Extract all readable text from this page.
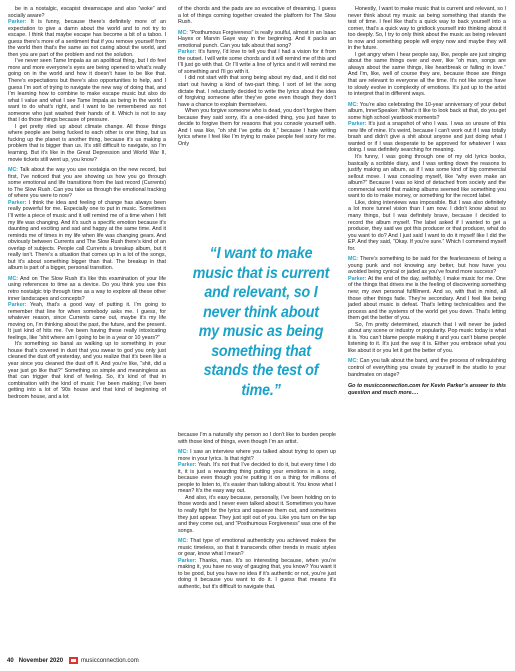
be in a nostalgic, escapist dreamscape and also “woke” and socially aware?

Parker: It is funny, because there’s definitely more of an expectation to give a damn about the world and to not try to escape. I think that maybe escape has become a bit of a taboo. I guess there’s more of a sentiment that if you remove yourself from the world then that’s the same as not caring about the world, and then you are part of the problem and not the solution.

I’ve never seen Tame Impala as an apolitical thing, but I do feel more and more everyone’s eyes are being opened to what’s really going on in the world and how it doesn’t have to be like that. There’s expectations but there’s also opportunities to help, and I guess I’m sort of trying to navigate the new way of doing that, and I’m learning how to combine to make escape music but also do what I value and what I see Tame Impala as being in the world. I want to do what’s right, and I want to be remembered as not someone who just washed their hands of it. Which is not to say that I do those things because of pressure.

I get pretty riled up about climate change. All those things where people are being fucked to each other is one thing, but us fucking up the planet is another thing, because it’s us making a problem that is bigger than us. It’s still difficult to navigate, so I’m learning. But it’s like in the Great Depression and World War II, movie tickets still went up, you know?

MC: Talk about the way you use nostalgia on the new record, but first, I’ve noticed that you are showing us how you go through some emotional and life transitions from the last record (Currents) to The Slow Rush. Can you take us through the emotional tracking of where you were to now?

Parker: I think the idea and feeling of change has always been really powerful for me. Especially one to put in music. Sometimes I’ll write a piece of music and it will remind me of a time when I felt my life was changing. And it’s such a specific emotion because it’s daunting and exciting and sad and happy at the same time. And it reminds me of times in my life when life was changing gears. And obviously between Currents and The Slow Rush there’s kind of an overlap of subjects. People call Currents a breakup album, but it really isn’t. There’s a situation that comes up in a lot of the songs, but it’s about something bigger than that. The breakup in that album is part of a bigger, personal transition.

MC: And on The Slow Rush it’s like this examination of your life using references to time as a device. Do you think you use this retro nostalgic trip through time as a way to explore all these other inner landscapes and concepts?

Parker: Yeah, that’s a good way of putting it. I’m going to remember that line for when somebody asks me. I guess, for whatever reason, since Currents came out, maybe it’s my life moving on, I’m thinking about the past, the future, and the present. It just kind of hits me. I’ve been having these really intoxicating feelings, like “shit where am I going to be in a year or 10 years?”

It’s something so banal as walking up to something in your house that’s covered in dust that you swear to god you only just cleaned the dust off yesterday, and you realize that it’s been like a year since you cleaned the dust off it. And you’re like, “shit, did a year just go like that?” Something so simple and meaningless as that can trigger that kind of feeling. So, it’s kind of that in combination with the kind of music I’ve been making; I’ve been getting into a lot of ’90s house and that kind of beginning of bedroom house, and a lot

of the chords and the pads are so evocative of dreaming. I guess a lot of things coming together created the platform for The Slow Rush.

MC: “Posthumous Forgiveness” is really soulful, almost in an Isaac Hayes or Marvin Gaye way in the beginning. And it packs an emotional punch. Can you talk about that song?

Parker: It’s funny, I’d love to tell you that I had a vision for it from the outset. I will write some chords and it will remind me of this and I’ll just go with that. Or I’ll write a line of lyrics and it will remind me of something and I’ll go with it.

I did not start with that song being about my dad, and it did not start out having a kind of two-part thing. I sort of let the song dictate that. I reluctantly decided to write the lyrics about the idea of forgiving someone after they’ve gone even though they don’t have a chance to explain themselves.

When you forgive someone who is dead, you don’t forgive them because they said sorry, it’s a one-sided thing, you just have to decide to forgive them for reasons that you console yourself with. And I was like, “oh shit I’ve gotta do it,” because I hate writing lyrics where I feel like I’m trying to make people feel sorry for me. Only

because I’m a naturally shy person so I don’t like to burden people with those kind of things, even though I’m an artist.

MC: I saw an interview where you talked about trying to open up more in your lyrics. Is that right?

Parker: Yeah. It’s not that I’ve decided to do it, but every time I do it, it is just a rewarding thing putting your emotions in a song, because even though you’re putting it on a thing for millions of people to listen to, it’s easier than talking about it. You know what I mean? It’s the easy way out.

And also, it’s easy because, personally, I’ve been holding on to those words and I never even talked about it. Sometimes you have to really fight for the lyrics and squeeze them out, and sometimes they just appear. They just spit out of you. Like you turn on the tap and they come out, and “Posthumous Forgiveness” was one of the songs.

MC: That type of emotional authenticity you achieved makes the music timeless, so that it transcends other trends in music styles or gear, know what I mean?

Parker: Thanks, man. It’s so interesting because, when you’re making it, you have no way of gauging that, you know? You want it to be good, but you have no idea if it’s authentic or not, you’re just doing it because you want to do it. I guess that means it’s authentic, but it’s difficult to navigate that.

“I want to make music that is current and relevant, so I never think about my music as being something that stands the test of time.”

Honestly, I want to make music that is current and relevant, so I never think about my music as being something that stands the test of time. I feel like that’s a quick way to back yourself into a corner, that’s a quick way to gridlock yourself into thinking about it too deeply. So, I try to only think about the music as being relevant to now and something people will enjoy now and maybe they will in the future.

I get angry when I hear people say, like, people are just singing about the same things over and over, like “oh man, songs are always about the same things, like heartbreak or falling in love.” And I’m, like, well of course they are, because those are things that are relevant to everyone all the time. It’s not like songs have to slowly evolve in complexity of emotions. It’s just up to the artist to interpret that in different ways.

MC: You’re also celebrating the 10-year anniversary of your debut album, InnerSpeaker. What’s it like to look back at that, do you get some high school yearbook moments?

Parker: It’s just a snapshot of who I was. I was so unsure of this new life of mine. It’s weird, because I can’t work out if I was totally brash and didn’t give a shit about anyone and just doing what I wanted or if I was desperate to be approved for whatever I was doing. I was definitely searching for meaning.

It’s funny, I was going through one of my old lyrics books, basically a scribble diary, and I was writing down the reasons to justify making an album, as if I was some kind of big commercial sellout move. I was consoling myself, like “why even make an album?” Because I was so kind of detached from society and the commercial world that making albums seemed like something you want to do to make money, or something for the record label.

Like, doing interviews was impossible. But I was also definitely a lot more tunnel vision than I am now. I didn’t know about so many things, but I was definitely brave, because I decided to record the album myself. The label asked if I wanted to get a producer, they said we got this producer or that producer, what do you want to do? And I just said I want to do it myself like I did the EP. And they said, “Okay. If you’re sure.” Which I commend myself for.

MC: There’s something to be said for the fearlessness of being a young punk and not knowing any better, but how have you avoided being cynical or jaded as you’ve found more success?

Parker: At the end of the day, selfishly, I make music for me. One of the things that drives me is the feeling of discovering something new; my own personal fulfillment. And so, with that in mind, all those other things fade. They’re secondary. And I feel like being jaded about music is defeat. That’s letting technicalities and the process and the systems of the world get you down. That’s letting them get the better of you.

So, I’m pretty determined, staunch that I will never be jaded about any scene or industry or popularity. Pop music today is what it is. You can’t blame people making it and you can’t blame people listening to it. It’s just the way it is. Either you embrace what you like about it or you let it get the better of you.

MC: Can you talk about the band, and the process of relinquishing control of everything you create by yourself in the studio to your bandmates on stage?

Go to musicconnection.com for Kevin Parker’s answer to this question and much more….

40 November 2020	musicconnection.com
